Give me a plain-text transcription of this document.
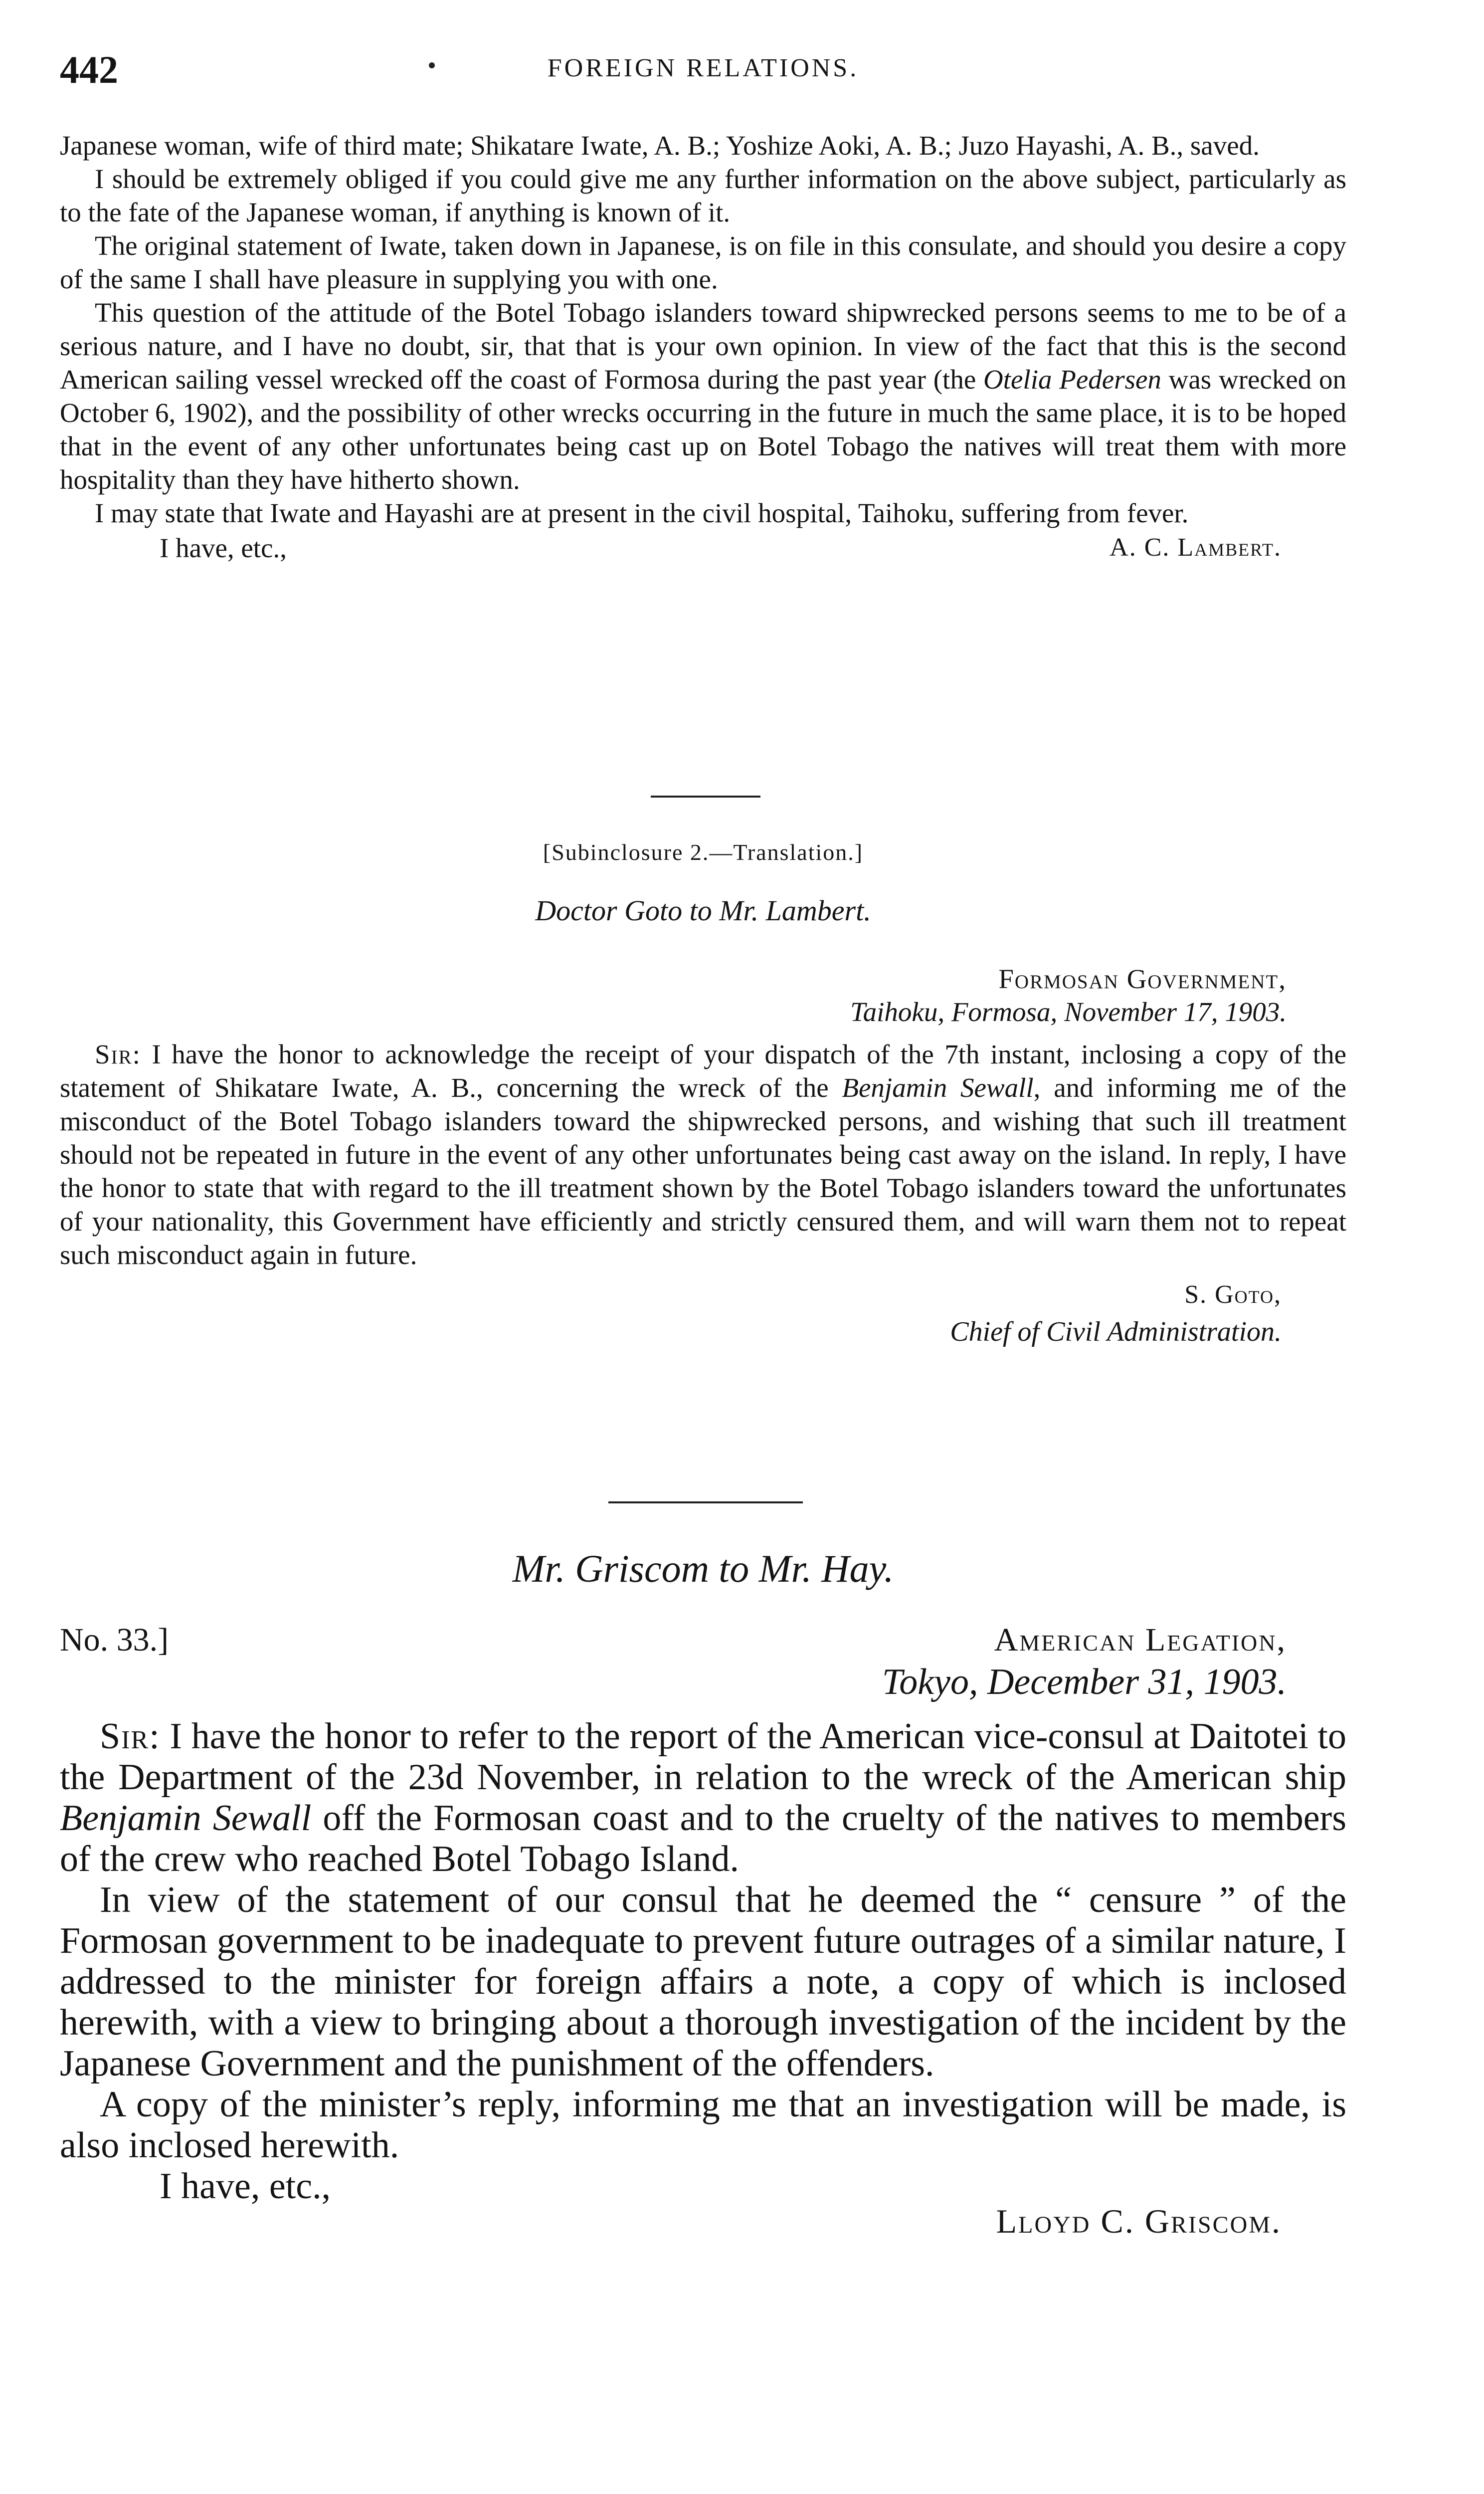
442	FOREIGN RELATIONS.

Japanese woman, wife of third mate; Shikatare Iwate, A. B.; Yoshize Aoki, A. B.; Juzo Hayashi, A. B., saved.

I should be extremely obliged if you could give me any further information on the above subject, particularly as to the fate of the Japanese woman, if anything is known of it.

The original statement of Iwate, taken down in Japanese, is on file in this consulate, and should you desire a copy of the same I shall have pleasure in supplying you with one.

This question of the attitude of the Botel Tobago islanders toward shipwrecked persons seems to me to be of a serious nature, and I have no doubt, sir, that that is your own opinion. In view of the fact that this is the second American sailing vessel wrecked off the coast of Formosa during the past year (the Otelia Pedersen was wrecked on October 6, 1902), and the possibility of other wrecks occurring in the future in much the same place, it is to be hoped that in the event of any other unfortunates being cast up on Botel Tobago the natives will treat them with more hospitality than they have hitherto shown.

I may state that Iwate and Hayashi are at present in the civil hospital, Taihoku, suffering from fever.

A. C. Lambert.
I have, etc.,
[Subinclosure 2.—Translation.]
Doctor Goto to Mr. Lambert.
Formosan Government,
Taihoku, Formosa, November 17, 1903.

Sir: I have the honor to acknowledge the receipt of your dispatch of the 7th instant, inclosing a copy of the statement of Shikatare Iwate, A. B., concerning the wreck of the Benjamin Sewall, and informing me of the misconduct of the Botel Tobago islanders toward the shipwrecked persons, and wishing that such ill treatment should not be repeated in future in the event of any other unfortunates being cast away on the island. In reply, I have the honor to state that with regard to the ill treatment shown by the Botel Tobago islanders toward the unfortunates of your nationality, this Government have efficiently and strictly censured them, and will warn them not to repeat such misconduct again in future.

S. Goto,
Chief of Civil Administration.
Mr. Griscom to Mr. Hay.
No. 33.]	American Legation,
Tokyo, December 31, 1903.

Sir: I have the honor to refer to the report of the American vice-consul at Daitotei to the Department of the 23d November, in relation to the wreck of the American ship Benjamin Sewall off the Formosan coast and to the cruelty of the natives to members of the crew who reached Botel Tobago Island.

In view of the statement of our consul that he deemed the “ censure ” of the Formosan government to be inadequate to prevent future outrages of a similar nature, I addressed to the minister for foreign affairs a note, a copy of which is inclosed herewith, with a view to bringing about a thorough investigation of the incident by the Japanese Government and the punishment of the offenders.

A copy of the minister’s reply, informing me that an investigation will be made, is also inclosed herewith.

I have, etc.,
Lloyd C. Griscom.
